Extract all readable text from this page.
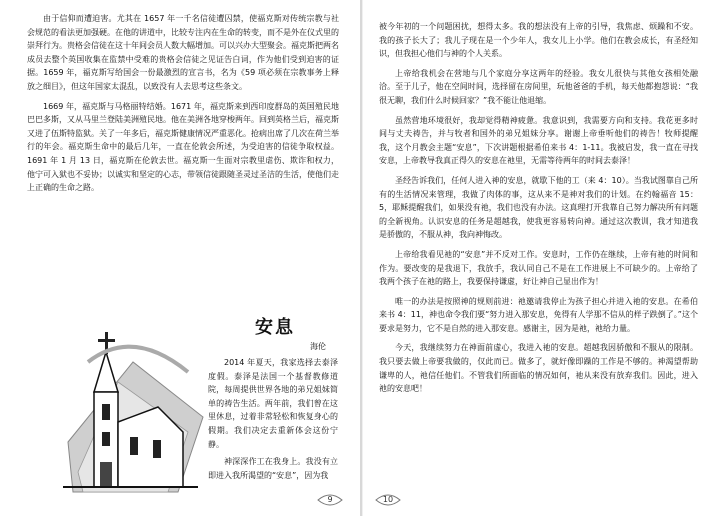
由于信仰而遭迫害。尤其在 1657 年一千名信徒遭囚禁，使福克斯对传统宗教与社会规范的看法更加强硬。在他的讲道中，比较专注内在生命的转变，而不是外在仪式里的崇拜行为。贵格会信徒在这十年间会员人数大幅增加。可以兴办大型聚会。福克斯把两名成员去整个英国收集在监禁中受难的贵格会信徒之见证告白词，作为他们受到迫害的证据。1659 年，福克斯写给国会一份最激烈的宣言书，名为《59 项必须在宗教事务上释放之细目》，但这年国家太混乱，以致没有人去思考这些条文。

1669 年，福克斯与马格丽特结婚。1671 年，福克斯来到西印度群岛的英国殖民地巴巴多斯，又从马里兰登陆美洲殖民地。他在美洲各地穿梭两年。回到英格兰后，福克斯又进了伍斯特监狱。关了一年多后，福克斯健康情况严重恶化。抢病出席了几次在荷兰举行的年会。福克斯生命中的最后几年，一直在伦敦会所述，为受迫害的信徒争取权益。1691 年 1 月 13 日，福克斯在伦敦去世。福克斯一生面对宗教里虐伤、欺诈和权力，他宁可入狱也不妥协；以诚实和坚定的心志，带领信徒跟随圣灵过圣洁的生活，使他们走上正确的生命之路。

安息
海伦

2014 年夏天，我家选择去泰泽度假。泰泽是法国一个基督教修道院，每周提供世界各地的弟兄姐妹简单的祷告生活。两年前，我们曾在这里休息，过着非常轻松和恢复身心的假期。我们决定去重新体会这份宁静。

神深深作工在我身上。我没有立即进入我所渴望的“安息”，因为我

9

被今年初的一个问题困扰，想得太多。我的想法没有上帝的引导，我焦虑、烦躁和不安。我的孩子长大了；我儿子现在是一个少年人，我女儿上小学。他们在教会成长，有圣经知识，但我担心他们与神的个人关系。

上帝给我机会在营地与几个家庭分享这两年的经验。我女儿很快与其他女孩相处融洽。至于儿子，他在空间时间，选择留在房间里，玩他爸爸的手机，每天他都抱怨说：“我很无聊，我们什么时候回家？”我不能让他退缩。

虽然营地环境很好，我却觉得精神疲惫。我意识到，我需要方向和支持。我花更多时间与丈夫祷告，并与牧者和国外的弟兄姐妹分享。谢谢上帝垂听他们的祷告！牧师提醒我，这个月教会主题“安息”，下次讲题根据希伯来书 4：1-11。我被启发，我一直在寻找安息，上帝教导我真正得久的安息在祂里，无需等待两年的时间去泰泽！

圣经告诉我们，任何人进入神的安息，就歇下他的工（来 4：10）。当我试图靠自己所有的生活情况来管理，我做了肉体的事，这从来不是神对我们的计划。在约翰福音 15：5，耶稣提醒我们，如果没有祂，我们也没有办法。这真理打开我靠自己努力解决所有问题的全新视角。认识安息的任务是超越我，使我更容易转向神。通过这次教训，我才知道我是骄傲的，不服从神，我向神悔改。

上帝给我看见祂的“安息”并不反对工作。安息时，工作仍在继续，上帝有祂的时间和作为。要改变的是我退下，我放手，我认同自己不是在工作进展上不可缺少的。上帝给了我两个孩子在祂的路上，我要保持谦虚，好让神自己显出作为！

唯一的办法是按照神的规则前进：祂邀请我停止为孩子担心并进入祂的安息。在希伯来书 4：11，神也命令我们要“努力进入那安息，免得有人学那不信从的样子跌倒了。”这个要求是努力，它不是自然的进入那安息。感谢主，因为是祂，祂给力量。

今天，我继续努力在神面前虚心，我进入祂的安息。超越我因骄傲和不服从的限制。我只要去做上帝要我做的，仅此而已。做多了，就好像即躁的工作是不够的。神渴望帮助谦卑的人，祂信任他们。不管我们所面临的情况如何，祂从来没有放弃我们。因此，进入祂的安息吧！

10
